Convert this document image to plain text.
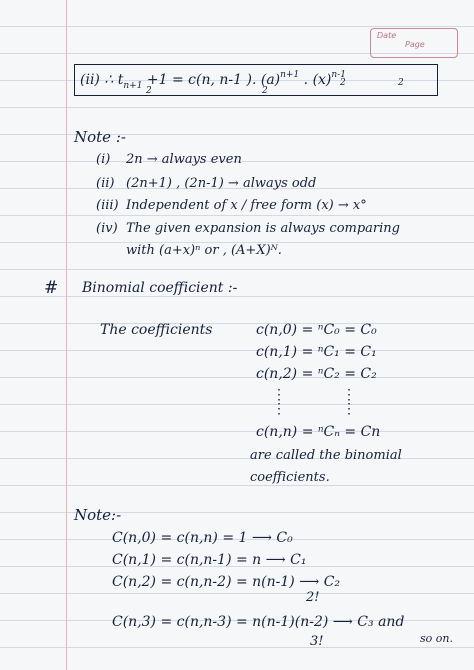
Date
Page
(ii) ∴ $t_{n+1} +1 = c(n$, n-1 ). $(a)^{n+1}$ . $(x)^{n-1}$
2	2
2	2
Note :-
(i) 2n → always even
(ii) (2n+1) , (2n-1) → always odd
(iii) Independent of x / free form (x) → x°
(iv) The given expansion is always comparing
with (a+x)ⁿ or , (A+X)ᴺ.
# Binomial coefficient :-
The coefficients	c(n,0) = ⁿC₀ = C₀
c(n,1) = ⁿC₁ = C₁
c(n,2) = ⁿC₂ = C₂
⋮	⋮
⋮	⋮
c(n,n) = ⁿCₙ = Cn
are called the binomial
coefficients.
Note:-
C(n,0) = c(n,n) = 1 ⟶ C₀
C(n,1) = c(n,n-1) = n ⟶ C₁
C(n,2) = c(n,n-2) = n(n-1) ⟶ C₂
2!
C(n,3) = c(n,n-3) = n(n-1)(n-2) ⟶ C₃ and
3!	so on.
